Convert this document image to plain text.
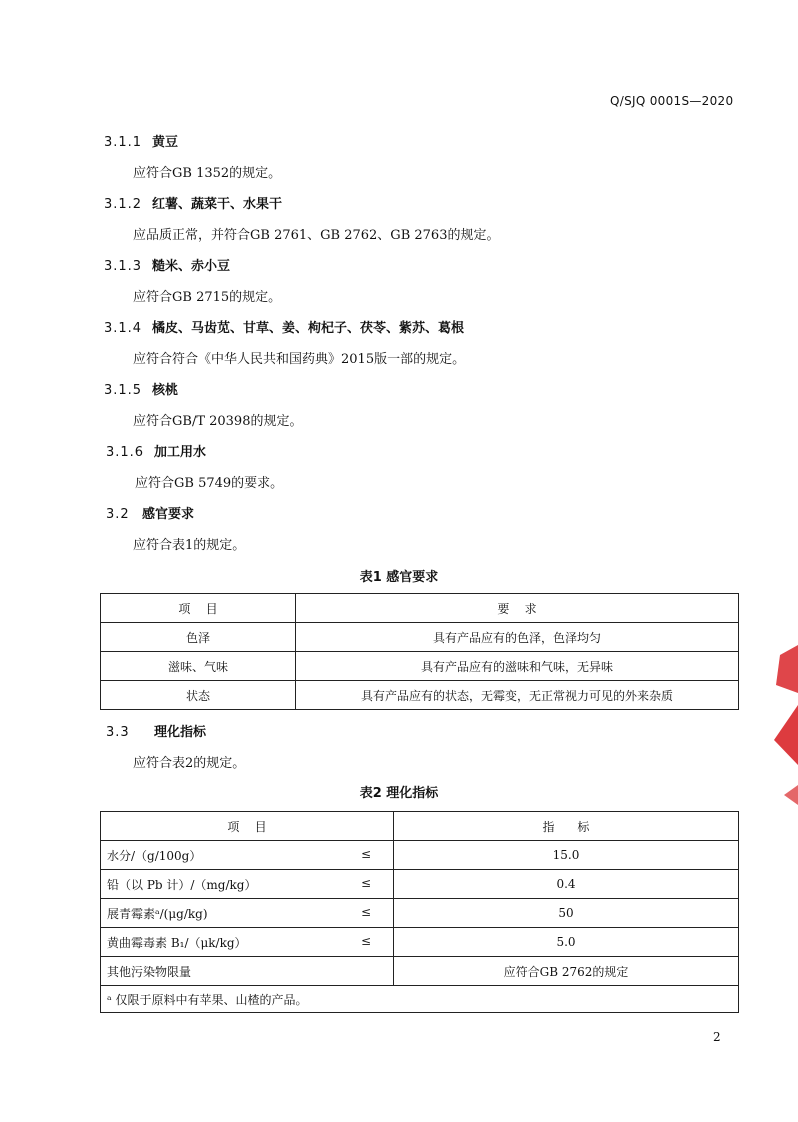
Q/SJQ 0001S—2020
3.1.1 黄豆
应符合GB 1352的规定。
3.1.2 红薯、蔬菜干、水果干
应品质正常，并符合GB 2761、GB 2762、GB 2763的规定。
3.1.3 糙米、赤小豆
应符合GB 2715的规定。
3.1.4 橘皮、马齿苋、甘草、姜、枸杞子、茯苓、紫苏、葛根
应符合符合《中华人民共和国药典》2015版一部的规定。
3.1.5 核桃
应符合GB/T 20398的规定。
3.1.6 加工用水
应符合GB 5749的要求。
3.2 感官要求
应符合表1的规定。
表1 感官要求
项    目	要    求
色泽	具有产品应有的色泽，色泽均匀
滋味、气味	具有产品应有的滋味和气味，无异味
状态	具有产品应有的状态，无霉变，无正常视力可见的外来杂质
3.3 理化指标
应符合表2的规定。
表2 理化指标
项    目	指      标
水分/（g/100g） ≤	15.0
铅（以 Pb 计）/（mg/kg） ≤	0.4
展青霉素ᵃ/(μg/kg) ≤	50
黄曲霉毒素 B₁/（μk/kg） ≤	5.0
其他污染物限量	应符合GB 2762的规定
ᵃ 仅限于原料中有苹果、山楂的产品。	
2
